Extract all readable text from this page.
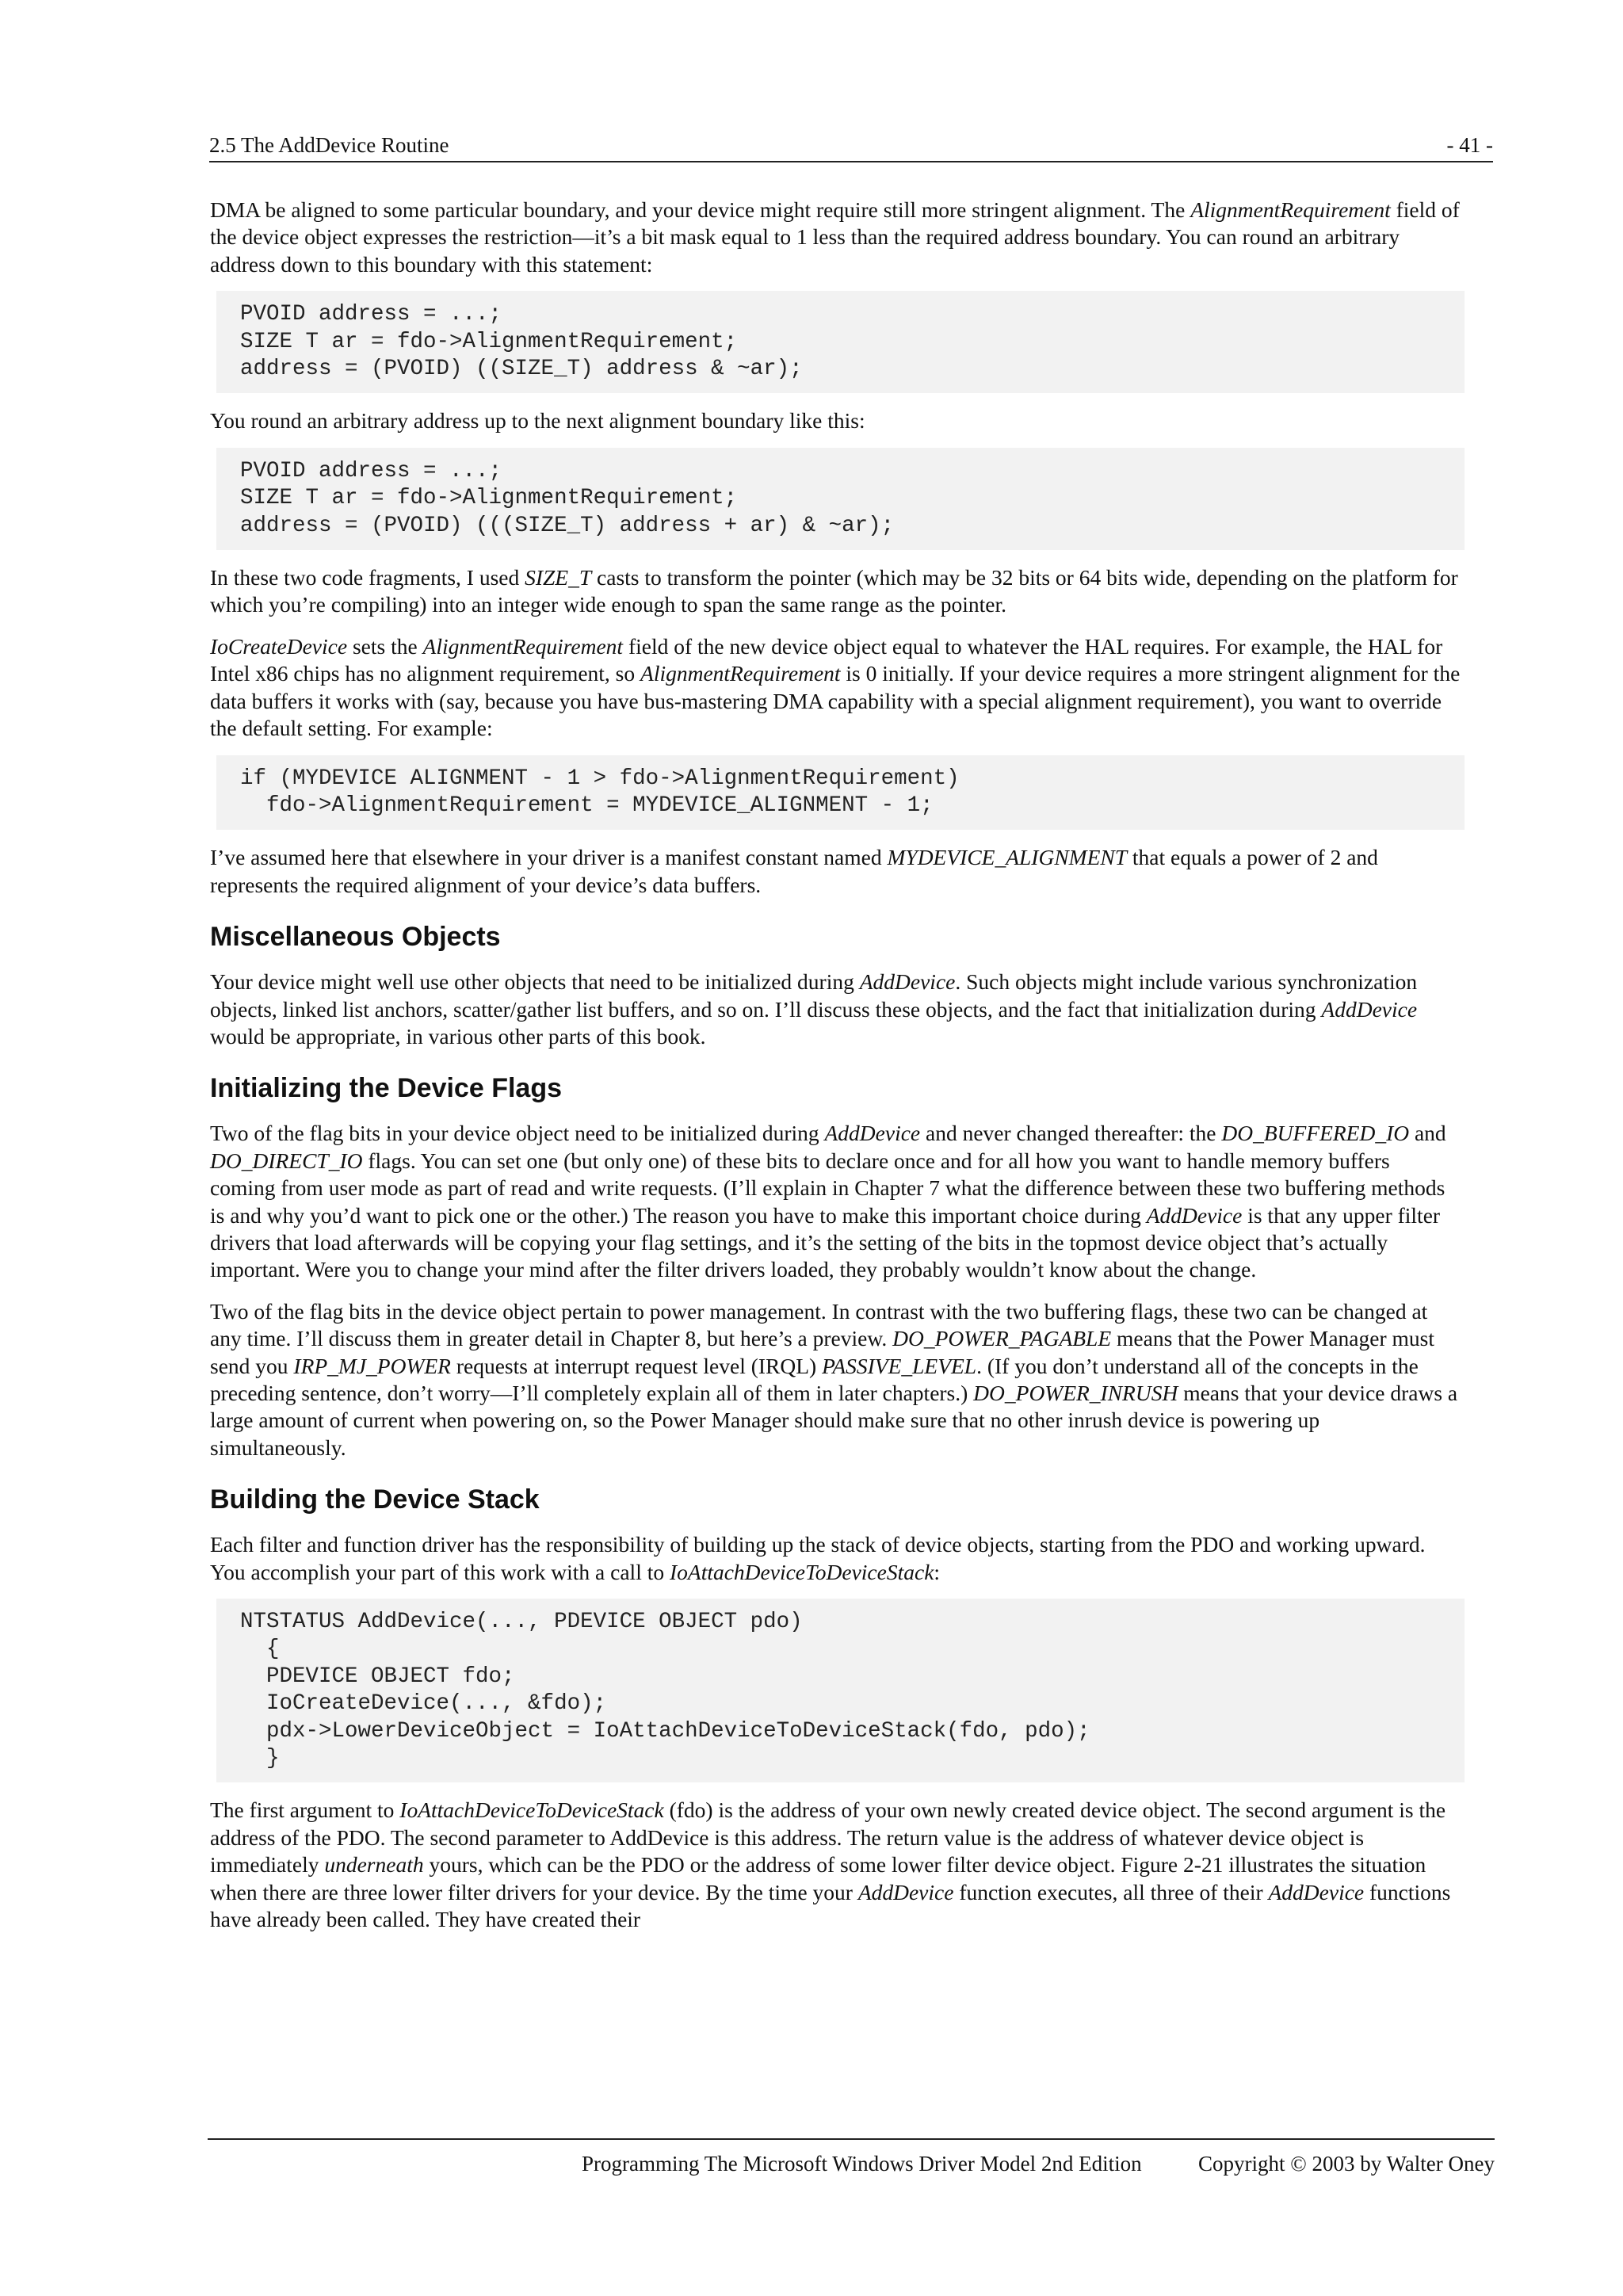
2.5 The AddDevice Routine	- 41 -

DMA be aligned to some particular boundary, and your device might require still more stringent alignment. The AlignmentRequirement field of the device object expresses the restriction—it’s a bit mask equal to 1 less than the required address boundary. You can round an arbitrary address down to this boundary with this statement:

PVOID address = ...;
SIZE T ar = fdo->AlignmentRequirement;
address = (PVOID) ((SIZE_T) address & ~ar);

You round an arbitrary address up to the next alignment boundary like this:

PVOID address = ...;
SIZE T ar = fdo->AlignmentRequirement;
address = (PVOID) (((SIZE_T) address + ar) & ~ar);

In these two code fragments, I used SIZE_T casts to transform the pointer (which may be 32 bits or 64 bits wide, depending on the platform for which you’re compiling) into an integer wide enough to span the same range as the pointer.

IoCreateDevice sets the AlignmentRequirement field of the new device object equal to whatever the HAL requires. For example, the HAL for Intel x86 chips has no alignment requirement, so AlignmentRequirement is 0 initially. If your device requires a more stringent alignment for the data buffers it works with (say, because you have bus-mastering DMA capability with a special alignment requirement), you want to override the default setting. For example:

if (MYDEVICE ALIGNMENT - 1 > fdo->AlignmentRequirement)
fdo->AlignmentRequirement = MYDEVICE_ALIGNMENT - 1;

I’ve assumed here that elsewhere in your driver is a manifest constant named MYDEVICE_ALIGNMENT that equals a power of 2 and represents the required alignment of your device’s data buffers.

Miscellaneous Objects

Your device might well use other objects that need to be initialized during AddDevice. Such objects might include various synchronization objects, linked list anchors, scatter/gather list buffers, and so on. I’ll discuss these objects, and the fact that initialization during AddDevice would be appropriate, in various other parts of this book.

Initializing the Device Flags

Two of the flag bits in your device object need to be initialized during AddDevice and never changed thereafter: the DO_BUFFERED_IO and DO_DIRECT_IO flags. You can set one (but only one) of these bits to declare once and for all how you want to handle memory buffers coming from user mode as part of read and write requests. (I’ll explain in Chapter 7 what the difference between these two buffering methods is and why you’d want to pick one or the other.) The reason you have to make this important choice during AddDevice is that any upper filter drivers that load afterwards will be copying your flag settings, and it’s the setting of the bits in the topmost device object that’s actually important. Were you to change your mind after the filter drivers loaded, they probably wouldn’t know about the change.

Two of the flag bits in the device object pertain to power management. In contrast with the two buffering flags, these two can be changed at any time. I’ll discuss them in greater detail in Chapter 8, but here’s a preview. DO_POWER_PAGABLE means that the Power Manager must send you IRP_MJ_POWER requests at interrupt request level (IRQL) PASSIVE_LEVEL. (If you don’t understand all of the concepts in the preceding sentence, don’t worry—I’ll completely explain all of them in later chapters.) DO_POWER_INRUSH means that your device draws a large amount of current when powering on, so the Power Manager should make sure that no other inrush device is powering up simultaneously.

Building the Device Stack

Each filter and function driver has the responsibility of building up the stack of device objects, starting from the PDO and working upward. You accomplish your part of this work with a call to IoAttachDeviceToDeviceStack:

NTSTATUS AddDevice(..., PDEVICE OBJECT pdo)
{
PDEVICE OBJECT fdo;
IoCreateDevice(..., &fdo);
pdx->LowerDeviceObject = IoAttachDeviceToDeviceStack(fdo, pdo);
}

The first argument to IoAttachDeviceToDeviceStack (fdo) is the address of your own newly created device object. The second argument is the address of the PDO. The second parameter to AddDevice is this address. The return value is the address of whatever device object is immediately underneath yours, which can be the PDO or the address of some lower filter device object. Figure 2-21 illustrates the situation when there are three lower filter drivers for your device. By the time your AddDevice function executes, all three of their AddDevice functions have already been called. They have created their

Programming The Microsoft Windows Driver Model 2nd Edition	Copyright © 2003 by Walter Oney
